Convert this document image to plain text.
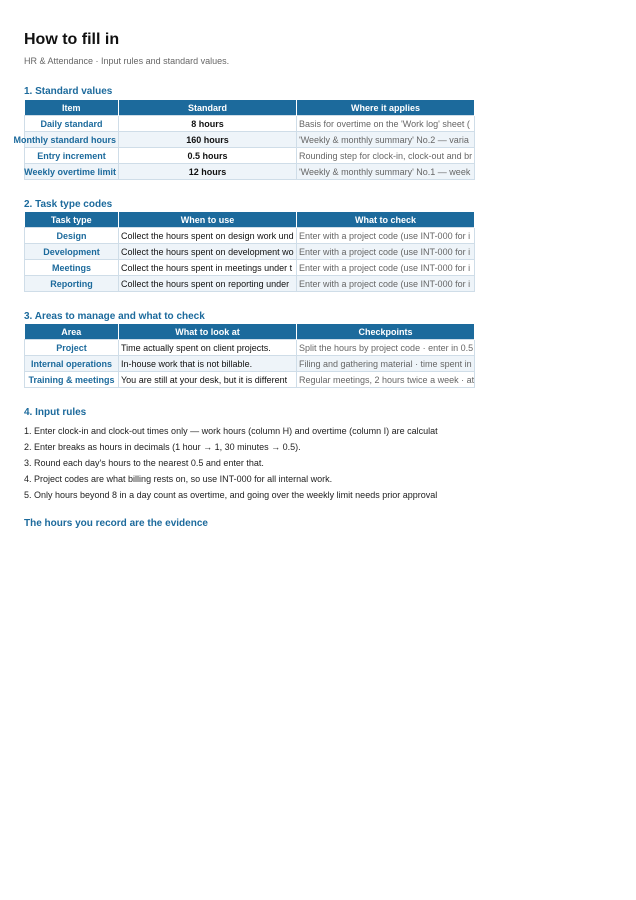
How to fill in
HR & Attendance · Input rules and standard values.
1. Standard values
Item	Standard	Where it applies
Daily standard	8 hours	Basis for overtime on the 'Work log' sheet (
Monthly standard hours	160 hours	'Weekly & monthly summary' No.2 — varia
Entry increment	0.5 hours	Rounding step for clock-in, clock-out and br
Weekly overtime limit	12 hours	'Weekly & monthly summary' No.1 — week
2. Task type codes
Task type	When to use	What to check
Design	Collect the hours spent on design work und	Enter with a project code (use INT-000 for i
Development	Collect the hours spent on development wo	Enter with a project code (use INT-000 for i
Meetings	Collect the hours spent in meetings under t	Enter with a project code (use INT-000 for i
Reporting	Collect the hours spent on reporting under	Enter with a project code (use INT-000 for i
3. Areas to manage and what to check
Area	What to look at	Checkpoints
Project	Time actually spent on client projects.	Split the hours by project code · enter in 0.5
Internal operations	In-house work that is not billable.	Filing and gathering material · time spent in
Training & meetings	You are still at your desk, but it is different	Regular meetings, 2 hours twice a week · at
4. Input rules
1. Enter clock-in and clock-out times only — work hours (column H) and overtime (column I) are calculat
2. Enter breaks as hours in decimals (1 hour → 1, 30 minutes → 0.5).
3. Round each day's hours to the nearest 0.5 and enter that.
4. Project codes are what billing rests on, so use INT-000 for all internal work.
5. Only hours beyond 8 in a day count as overtime, and going over the weekly limit needs prior approval
The hours you record are the evidence
